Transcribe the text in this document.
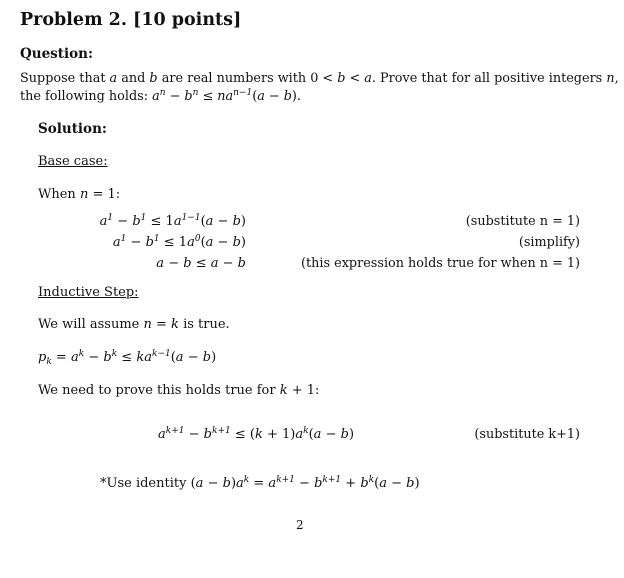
Problem 2. [10 points]
Question:
Suppose that a and b are real numbers with 0 < b < a. Prove that for all positive integers n,
the following holds: $a^n - b^n \le na^{n-1}(a - b)$.
Solution:
Base case:
When n = 1:
$a^1 - b^1 \le 1a^{1-1}(a - b)$	(substitute n = 1)
$a^1 - b^1 \le 1a^0(a - b)$	(simplify)
a − b ≤ a − b	(this expression holds true for when n = 1)
Inductive Step:
We will assume n = k is true.
$p_k = a^k - b^k \le ka^{k-1}(a - b)$
We need to prove this holds true for k + 1:
$a^{k+1} - b^{k+1} \le (k + 1)a^k(a - b)$	(substitute k+1)
*Use identity $(a - b)a^k = a^{k+1} - b^{k+1} + b^k(a - b)$
2
